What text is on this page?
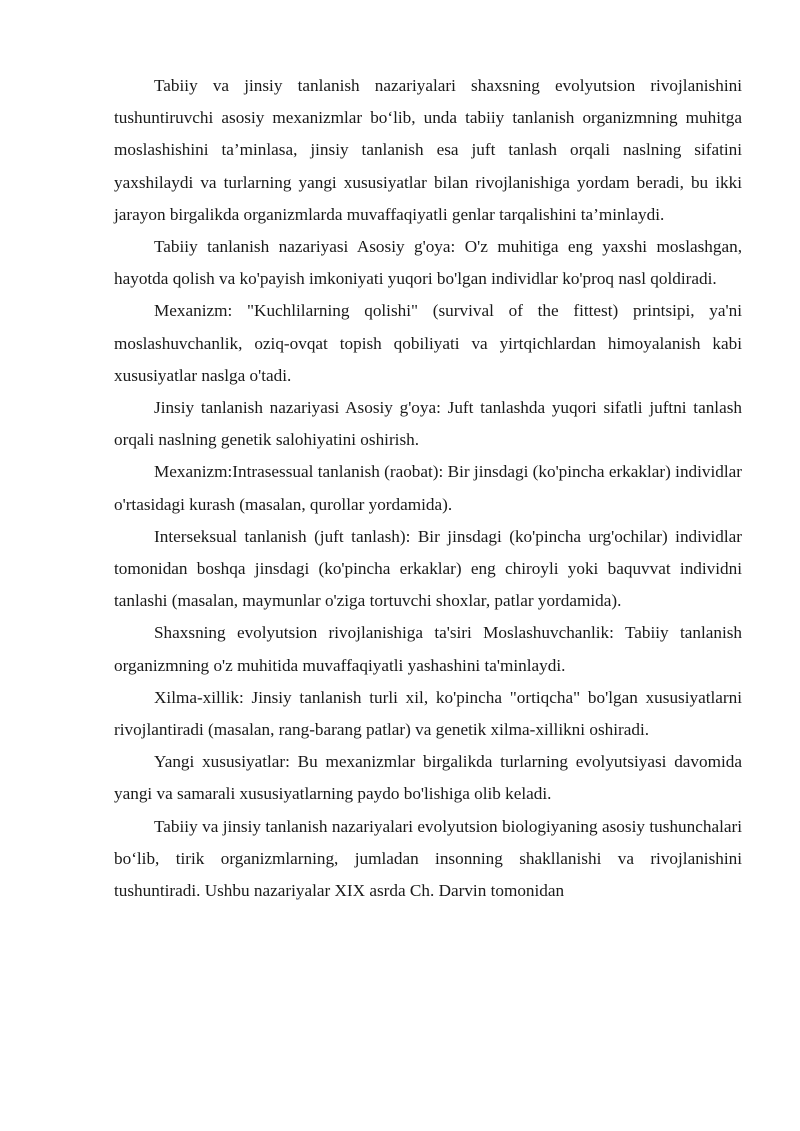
Tabiiy va jinsiy tanlanish nazariyalari shaxsning evolyutsion rivojlanishini tushuntiruvchi asosiy mexanizmlar bo‘lib, unda tabiiy tanlanish organizmning muhitga moslashishini ta’minlasa, jinsiy tanlanish esa juft tanlash orqali naslning sifatini yaxshilaydi va turlarning yangi xususiyatlar bilan rivojlanishiga yordam beradi, bu ikki jarayon birgalikda organizmlarda muvaffaqiyatli genlar tarqalishini ta’minlaydi.

Tabiiy tanlanish nazariyasi Asosiy g'oya: O'z muhitiga eng yaxshi moslashgan, hayotda qolish va ko'payish imkoniyati yuqori bo'lgan individlar ko'proq nasl qoldiradi.

Mexanizm: "Kuchlilarning qolishi" (survival of the fittest) printsipi, ya'ni moslashuvchanlik, oziq-ovqat topish qobiliyati va yirtqichlardan himoyalanish kabi xususiyatlar naslga o'tadi.

Jinsiy tanlanish nazariyasi Asosiy g'oya: Juft tanlashda yuqori sifatli juftni tanlash orqali naslning genetik salohiyatini oshirish.

Mexanizm:Intrasessual tanlanish (raobat): Bir jinsdagi (ko'pincha erkaklar) individlar o'rtasidagi kurash (masalan, qurollar yordamida).

Interseksual tanlanish (juft tanlash): Bir jinsdagi (ko'pincha urg'ochilar) individlar tomonidan boshqa jinsdagi (ko'pincha erkaklar) eng chiroyli yoki baquvvat individni tanlashi (masalan, maymunlar o'ziga tortuvchi shoxlar, patlar yordamida).

Shaxsning evolyutsion rivojlanishiga ta'siri Moslashuvchanlik: Tabiiy tanlanish organizmning o'z muhitida muvaffaqiyatli yashashini ta'minlaydi.

Xilma-xillik: Jinsiy tanlanish turli xil, ko'pincha "ortiqcha" bo'lgan xususiyatlarni rivojlantiradi (masalan, rang-barang patlar) va genetik xilma-xillikni oshiradi.

Yangi xususiyatlar: Bu mexanizmlar birgalikda turlarning evolyutsiyasi davomida yangi va samarali xususiyatlarning paydo bo'lishiga olib keladi.

Tabiiy va jinsiy tanlanish nazariyalari evolyutsion biologiyaning asosiy tushunchalari bo‘lib, tirik organizmlarning, jumladan insonning shakllanishi va rivojlanishini tushuntiradi. Ushbu nazariyalar XIX asrda Ch. Darvin tomonidan
